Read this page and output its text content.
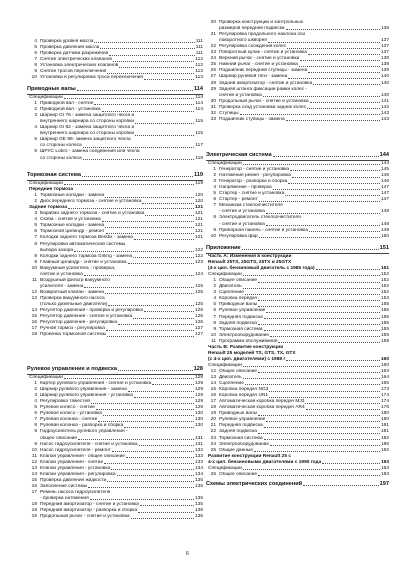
4 Проверка уровня масла	111
5 Проверка давления масла	111
6 Проверка датчика разрежения	111
7 Снятие электрических клапанов	112
8 Установка электрических клапанов	112
9 Снятие тросов переключения	113
10 Установка и регулировка троса переключения	113
Приводные валы	114
Спецификации	114
1 Приводной вал - снятие	114
2 Приводной вал - установка	114
3 Шарнир GI 76 - замена защитного чехла и
внутреннего шарнира со стороны коробки	115
4 Шарнир GI 82 - замена защитного чехла и
внутреннего шарнира со стороны коробки	115
5 Шарнир GE 86- замена защитного чехла
со стороны колеса	117
6 ШРУС Lobro - замена соединения или чехла
со стороны колеса	118
Тормозная система	119
Спецификации	119
Передние тормоза
1 Тормозные колодки - замена	120
2 Диск переднего тормоза - снятие и установка	120
Задние тормоза	121
3 Барабан заднего тормоза - снятие и установка	121
4 Скоба - снятие и установка	121
5 Тормозные колодки - замена	121
6 Тормозной цилиндр - ремонт	121
7 Колодки заднего тормоза Bendix - замена	121
8 Регулировка автоматической системы
выбора зазора	122
9 Колодки заднего тормоза Girling - замена	122
9 Главный цилиндр - снятие и установка	123
10 Вакуумный усилитель - проверка,
снятие и установка	124
11 Воздушный фильтр вакуумного
усилителя - замена	125
12 Возвратный клапан - замена	125
13 Проверка вакуумного насоса
(только дизельные двигатели)	125
14 Регулятор давления - проверка и регулировка	126
15 Регулятор давления - снятие и установка	126
16 Регулятор давления - регулировка	126
17 Ручной тормоз - регулировка	127
18 Прокачка тормозной системы	127
Рулевое управление и подвеска	128
Спецификации	128
1 Картер рулевого управления - снятие и установка	129
2 Шарнир рулевого управления - замена	129
3 Шарнир рулевого управления - установка	129
4 Регулировка тяжестей	129
5 Рулевое колесо - снятие	129
6 Рулевое колесо - установка	130
7 Рулевая колонка - снятие	130
8 Рулевая колонка - разборка и сборка	130
9 Гидроусилитель рулевого управления -
общее описание	131
9 Насос гидроусилителя - снятие и установка	131
10 Насос гидроусилителя - ремонт	132
11 Клапан управления - общее описание	133
12 Клапан управления - снятие	133
13 Клапан управления - установка	134
14 Клапан управления - регулировка	134
15 Проверка давления жидкости	135
16 Заполнение системы	135
17 Ремень насоса гидроусилителя
- проверка натяжения	135
18 Передний амортизатор - снятие и установка	135
18 Передний амортизатор - разборка и сборка	136
19 Продольный рычаг - снятие и установка	136
20 Проверка конструкции и контрольных
размеров передней подвески	136
21 Регулировка продольного наклона оси
поворотного шкворня	137
22 Регулировка схождения колес	137
23 Поворотный кулак - снятие и установка	137
24 Верхний рычаг - снятие и установка	138
25 Нижний рычаг - снятие и установка	138
26 Подшипник передней ступицы - замена	139
27 Шарнир рулевой тяги - замена	140
28 Задний амортизатор - снятие и установка	140
29 Задняя штанга фиксации рамки колес -
снятие и установка	140
30 Продольный рычаг - снятие и установка	141
31 Проверка сход установки задних колес	142
32 Ступицы	143
33 Подшипник ступицы - замена	143
Электрическая система	144
Спецификации	144
1 Генератор - снятие и установка	145
2 Натяжение ремня - регулировка	146
3 Генератор - разборка и сборка	146
4 Напряжение - проверка	147
5 Стартер - снятие и установка	147
6 Стартер - ремонт	147
7 Механизм стеклоочистителя
- снятие и установка	148
8 Электродвигатель стеклоочистителя
- снятие и установка	148
9 Приборная панель - снятие и установка	149
10 Регулировка фар	150
Приложение	151
Часть A: Изменения в конструкции
Renault 25TS, 25GTS, 25TX и 25GTX
(4-х цил. бензиновый двигатель с 1985 года)	151
Спецификации	152
1 Общее описание	152
2 Двигатель	152
3 Сцепление	152
4 Коробка передач	153
5 Приводные валы	155
6 Рулевое управление	155
7 Передняя подвеска	155
8 Задняя подвеска	155
9 Тормозная система	155
10 Электрооборудование	159
11 Программа обслуживания	159
Часть B: Развитие конструкции
Renault 25 моделей TS, GTS, TX, GTX
(с 4-х цил. двигателями) с 1988 г	160
Спецификации	160
12 Общее описание	163
13 Двигатель	164
14 Сцепление	165
15 Коробка передач NG3	173
16 Коробка передач UN1	174
17 Автоматическая коробка передач MJ3	174
18 Автоматическая коробка передач AR4	176
19 Приводные валы	180
20 Рулевое управление	180
21 Передняя подвеска	181
22 Задняя подвеска	181
23 Тормозная система	182
24 Электрооборудование	186
25 Общие данные	192
Развитие конструкции Renault 25 с
4-х цил. бензиновыми двигателями с 1990 года	193
Спецификации	193
26 Общее описание	193
Схемы электрических соединений	197
6
